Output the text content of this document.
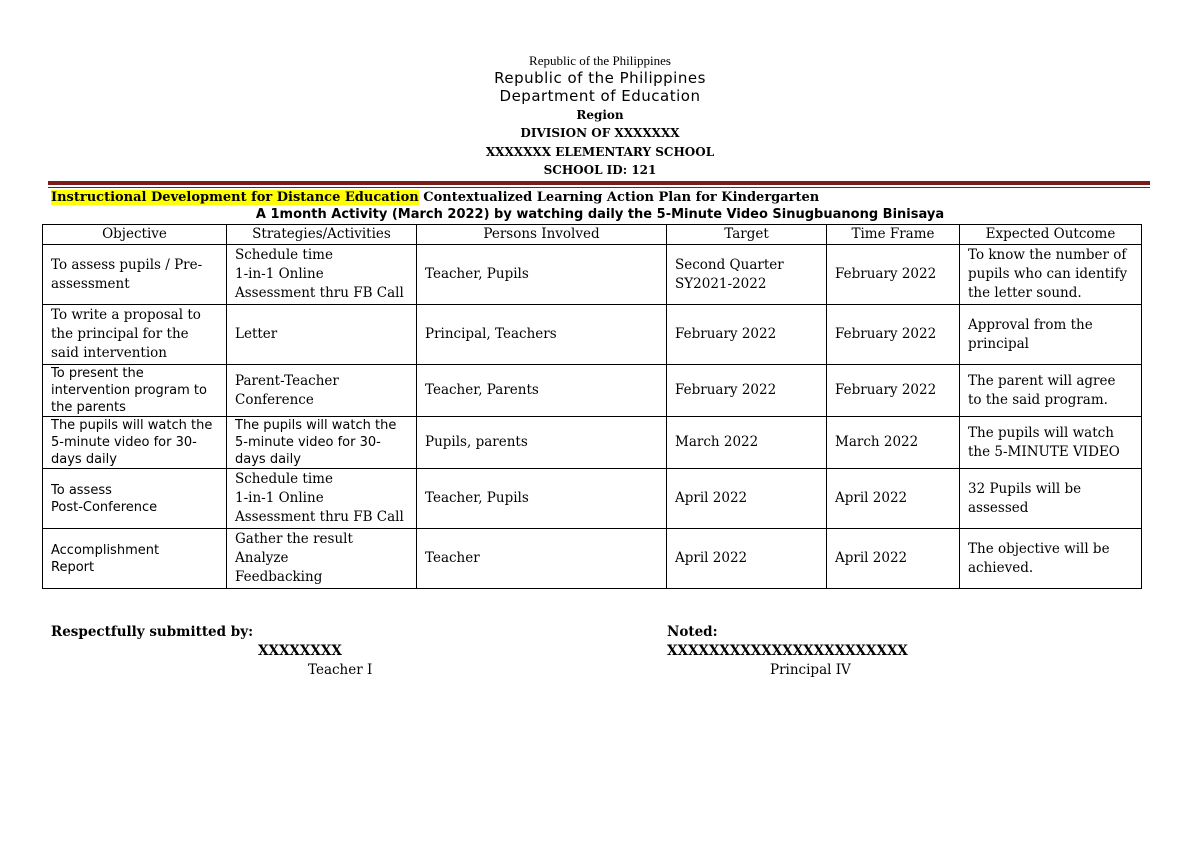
Republic of the Philippines
Republic of the Philippines
Department of Education
Region
DIVISION OF XXXXXXX
XXXXXXX ELEMENTARY SCHOOL
SCHOOL ID: 121
Instructional Development for Distance Education Contextualized Learning Action Plan for Kindergarten
A 1month Activity (March 2022) by watching daily the 5-Minute Video Sinugbuanong Binisaya
Objective	Strategies/Activities	Persons Involved	Target	Time Frame	Expected Outcome

To assess pupils / Pre-assessment	Schedule time
1-in-1 Online
Assessment thru FB Call	Teacher, Pupils	Second Quarter
SY2021-2022	February 2022	To know the number of pupils who can identify the letter sound.

To write a proposal to the principal for the said intervention	Letter	Principal, Teachers	February 2022	February 2022	Approval from the principal

To present the intervention program to the parents	Parent-Teacher
Conference	Teacher, Parents	February 2022	February 2022	The parent will agree to the said program.

The pupils will watch the 5-minute video for 30-days daily	The pupils will watch the 5-minute video for 30-days daily	Pupils, parents	March 2022	March 2022	The pupils will watch the 5-MINUTE VIDEO

To assess
Post-Conference	Schedule time
1-in-1 Online
Assessment thru FB Call	Teacher, Pupils	April 2022	April 2022	32 Pupils will be assessed

Accomplishment
Report	Gather the result
Analyze
Feedbacking	Teacher	April 2022	April 2022	The objective will be achieved.
Respectfully submitted by:
XXXXXXXX
Teacher I
Noted:
XXXXXXXXXXXXXXXXXXXXXXX
Principal IV
